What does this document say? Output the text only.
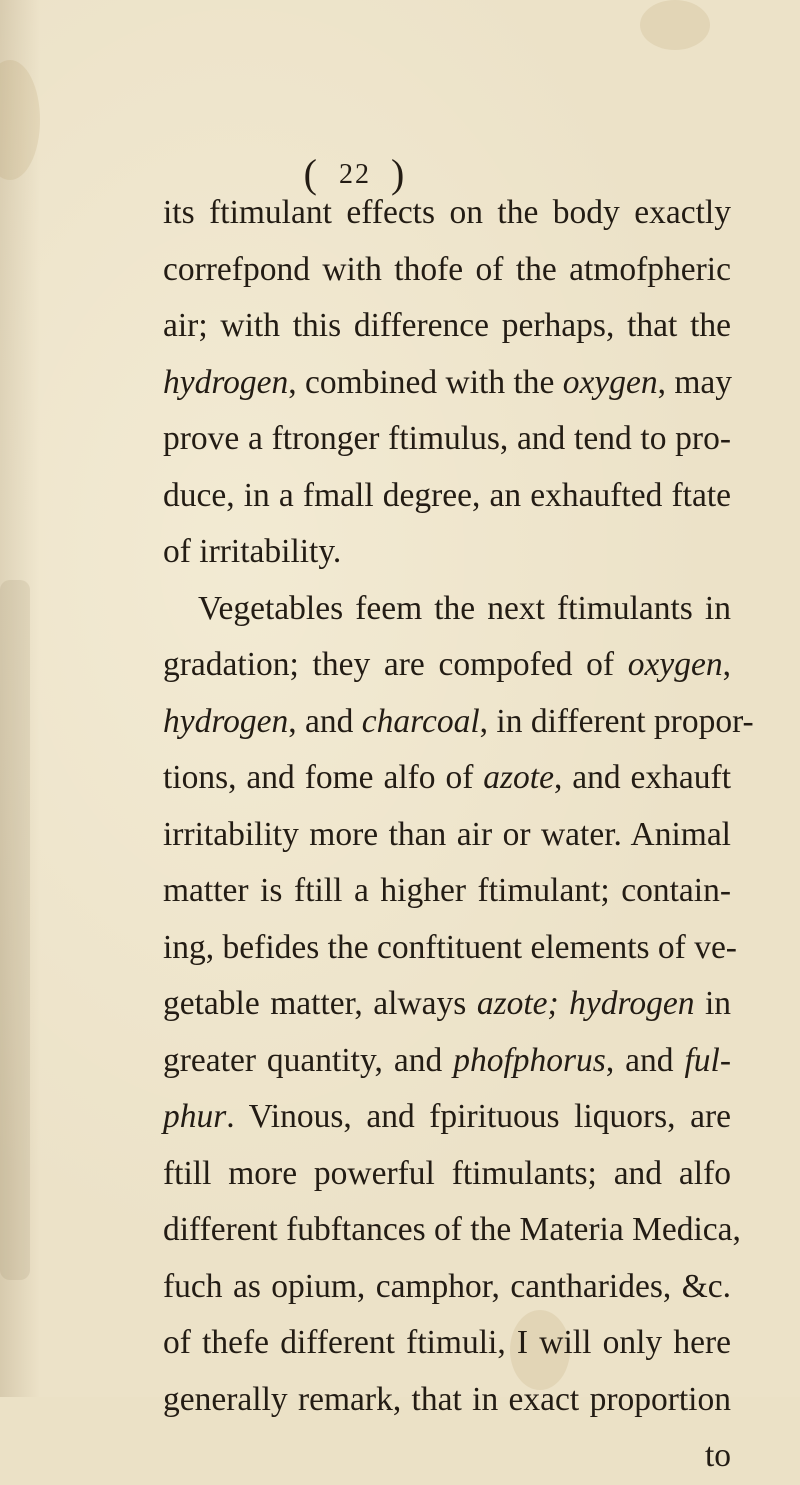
( 22 )
its ftimulant effects on the body exactly
correfpond with thofe of the atmofpheric
air; with this difference perhaps, that the
hydrogen, combined with the oxygen, may
prove a ftronger ftimulus, and tend to pro-
duce, in a fmall degree, an exhaufted ftate
of irritability.
Vegetables feem the next ftimulants in
gradation; they are compofed of oxygen,
hydrogen, and charcoal, in different propor-
tions, and fome alfo of azote, and exhauft
irritability more than air or water. Animal
matter is ftill a higher ftimulant; contain-
ing, befides the conftituent elements of ve-
getable matter, always azote; hydrogen in
greater quantity, and phofphorus, and ful-
phur. Vinous, and fpirituous liquors, are
ftill more powerful ftimulants; and alfo
different fubftances of the Materia Medica,
fuch as opium, camphor, cantharides, &c.
of thefe different ftimuli, I will only here
generally remark, that in exact proportion
to
